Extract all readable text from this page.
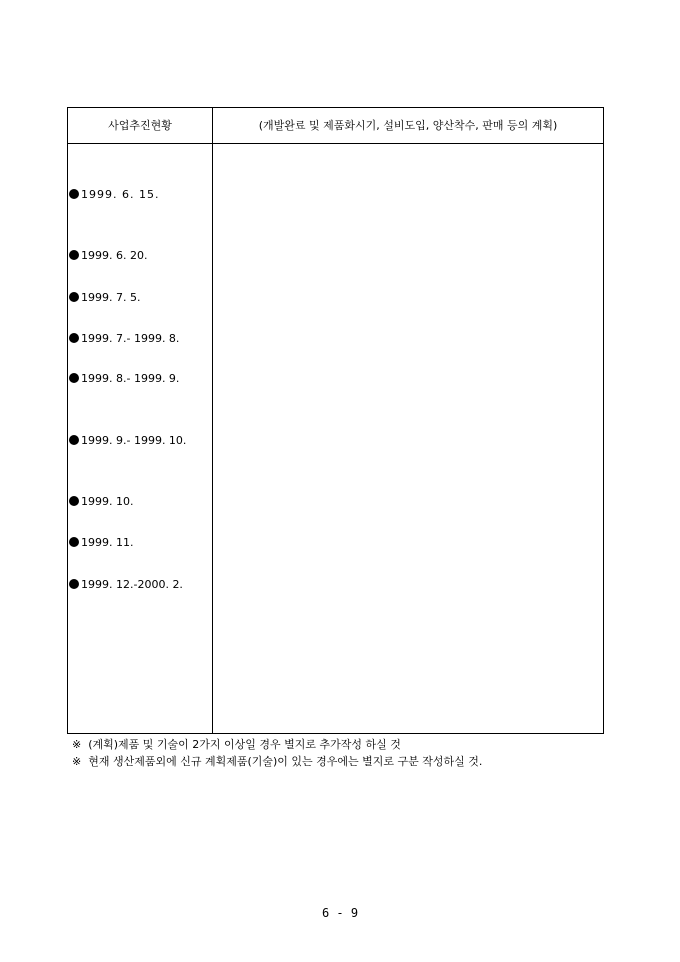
사업추진현황	(개발완료 및 제품화시기, 설비도입, 양산착수, 판매 등의 계획)
1999. 6. 15.
1999. 6. 20.
1999. 7. 5.
1999. 7.- 1999. 8.
1999. 8.- 1999. 9.
1999. 9.- 1999. 10.
1999. 10.
1999. 11.
1999. 12.-2000. 2.
※ (계획)제품 및 기술이 2가지 이상일 경우 별지로 추가작성 하실 것
※ 현재 생산제품외에 신규 계획제품(기술)이 있는 경우에는 별지로 구분 작성하실 것.
6 - 9
